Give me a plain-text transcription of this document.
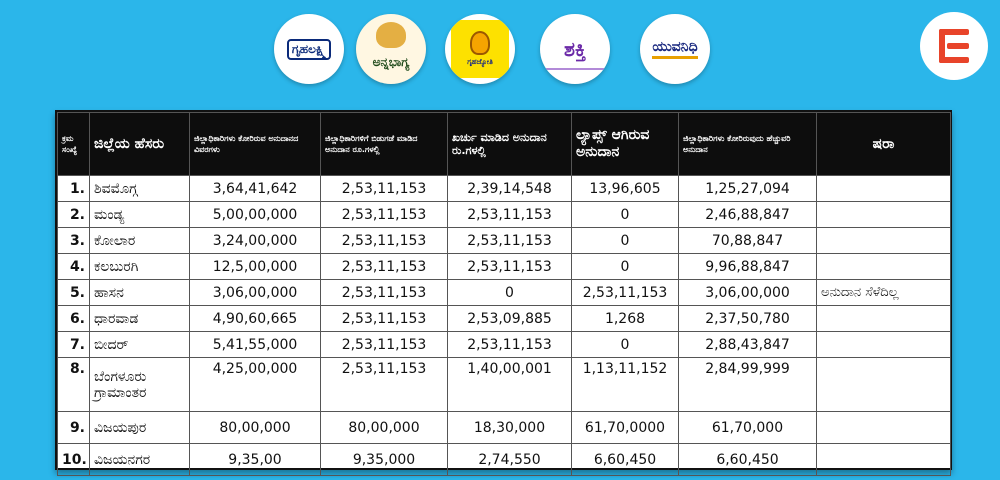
ಗೃಹಲಕ್ಷ್ಮಿ
ಅನ್ನಭಾಗ್ಯ	ಗೃಹಜ್ಯೋತಿ
ಶಕ್ತಿ	ಯುವನಿಧಿ
ಕ್ರಮ ಸಂಖ್ಯೆ	ಜಿಲ್ಲೆಯ ಹೆಸರು	ಜಿಲ್ಲಾಧಿಕಾರಿಗಳು ಕೋರಿರುವ ಅನುದಾನದ ವಿವರಗಳು	ಜಿಲ್ಲಾಧಿಕಾರಿಗಳಿಗೆ ಬಿಡುಗಡೆ ಮಾಡಿದ ಅನುದಾನ ರೂ.ಗಳಲ್ಲಿ	ಖರ್ಚು ಮಾಡಿದ ಅನುದಾನ ರು.ಗಳಲ್ಲಿ	ಲ್ಯಾಪ್ಸ್ ಆಗಿರುವ ಅನುದಾನ	ಜಿಲ್ಲಾಧಿಕಾರಿಗಳು ಕೋರಿರುವುದು ಹೆಚ್ಚುವರಿ ಅನುದಾನ	ಷರಾ
1.	ಶಿವಮೊಗ್ಗ	3,64,41,642	2,53,11,153	2,39,14,548	13,96,605	1,25,27,094	
2.	ಮಂಡ್ಯ	5,00,00,000	2,53,11,153	2,53,11,153	0	2,46,88,847	
3.	ಕೋಲಾರ	3,24,00,000	2,53,11,153	2,53,11,153	0	70,88,847	
4.	ಕಲಬುರಗಿ	12,5,00,000	2,53,11,153	2,53,11,153	0	9,96,88,847	
5.	ಹಾಸನ	3,06,00,000	2,53,11,153	0	2,53,11,153	3,06,00,000	ಅನುದಾನ ಸೆಳೆದಿಲ್ಲ
6.	ಧಾರವಾಡ	4,90,60,665	2,53,11,153	2,53,09,885	1,268	2,37,50,780	
7.	ಬೀದರ್	5,41,55,000	2,53,11,153	2,53,11,153	0	2,88,43,847	
8.	ಬೆಂಗಳೂರು ಗ್ರಾಮಾಂತರ	4,25,00,000	2,53,11,153	1,40,00,001	1,13,11,152	2,84,99,999	
9.	ವಿಜಯಪುರ	80,00,000	80,00,000	18,30,000	61,70,0000	61,70,000	
10.	ವಿಜಯನಗರ	9,35,00	9,35,000	2,74,550	6,60,450	6,60,450	
